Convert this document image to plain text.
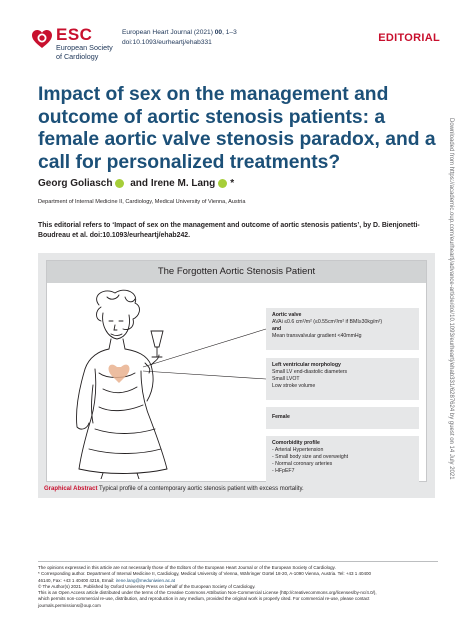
ESC
European Society
of Cardiology
European Heart Journal (2021) 00, 1–3
doi:10.1093/eurheartj/ehab331	EDITORIAL
Impact of sex on the management and outcome of aortic stenosis patients: a female aortic valve stenosis paradox, and a call for personalized treatments?
Georg Goliasch and Irene M. Lang *
Department of Internal Medicine II, Cardiology, Medical University of Vienna, Austria

This editorial refers to ‘Impact of sex on the management and outcome of aortic stenosis patients’, by D. Bienjonetti-Boudreau et al. doi:10.1093/eurheartj/ehab242.

The Forgotten Aortic Stenosis Patient
Aortic valve
AVAi ≤0.6 cm²/m² (≤0.55cm²/m² if BMI≥30kg/m²)
and
Mean transvalvular gradient <40mmHg
Left ventricular morphology
Small LV end-diastolic diameters
Small LVOT
Low stroke volume
Female
Comorbidity profile
- Arterial Hypertension
- Small body size and overweight
- Normal coronary arteries
- HFpEF7
Graphical Abstract Typical profile of a contemporary aortic stenosis patient with excess mortality.
Downloaded from https://academic.oup.com/eurheartj/advance-article/doi/10.1093/eurheartj/ehab331/6287624 by guest on 14 July 2021

The opinions expressed in this article are not necessarily those of the Editors of the European Heart Journal or of the European Society of Cardiology.

* Corresponding author. Department of Internal Medicine II, Cardiology, Medical University of Vienna, Währinger Gürtel 18-20, A-1090 Vienna, Austria. Tel: +43 1 40400

46140, Fax: +43 1 40400 4216, Email: irene.lang@meduniwien.ac.at

© The Author(s) 2021. Published by Oxford University Press on behalf of the European Society of Cardiology.

This is an Open Access article distributed under the terms of the Creative Commons Attribution Non-Commercial License (http://creativecommons.org/licenses/by-nc/4.0/),

which permits non-commercial re-use, distribution, and reproduction in any medium, provided the original work is properly cited. For commercial re-use, please contact

journals.permissions@oup.com
